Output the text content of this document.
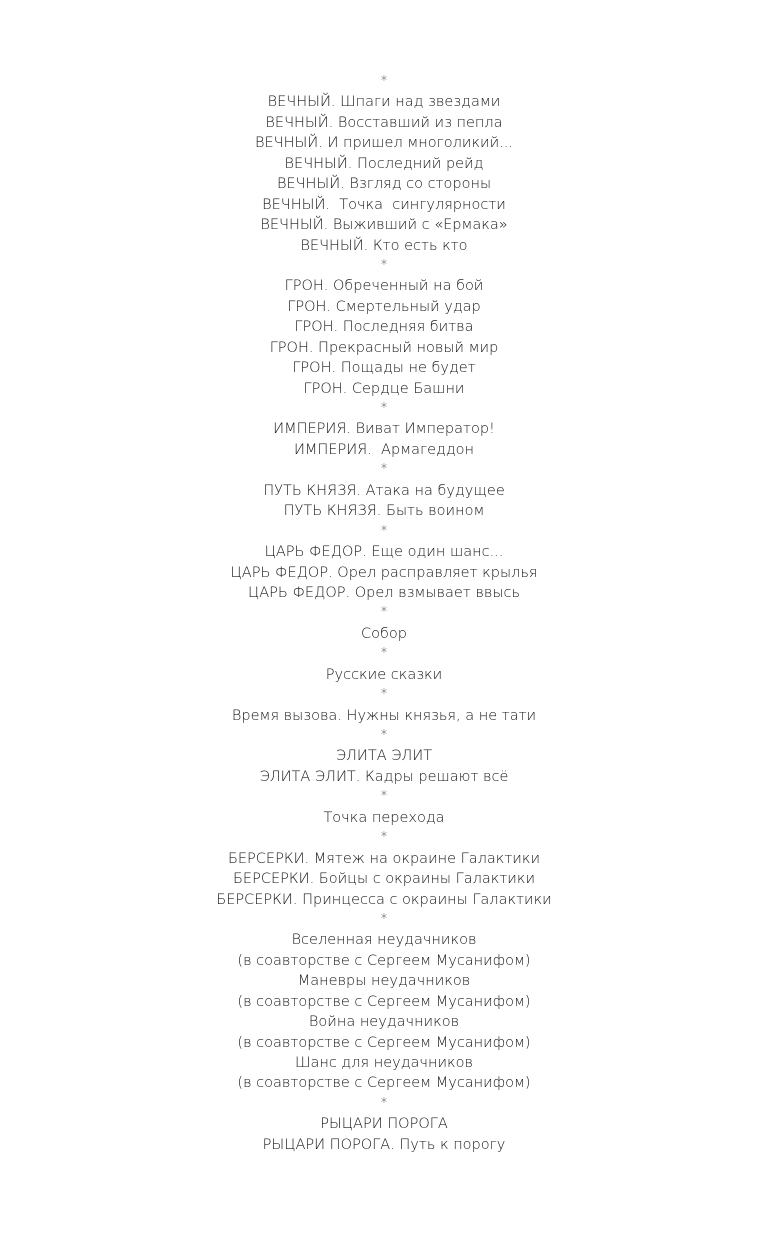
*
ВЕЧНЫЙ. Шпаги над звездами
ВЕЧНЫЙ. Восставший из пепла
ВЕЧНЫЙ. И пришел многоликий...
ВЕЧНЫЙ. Последний рейд
ВЕЧНЫЙ. Взгляд со стороны
ВЕЧНЫЙ.  Точка  сингулярности
ВЕЧНЫЙ. Выживший с «Ермака»
ВЕЧНЫЙ. Кто есть кто
*
ГРОН. Обреченный на бой
ГРОН. Смертельный удар
ГРОН. Последняя битва
ГРОН. Прекрасный новый мир
ГРОН. Пощады не будет
ГРОН. Сердце Башни
*
ИМПЕРИЯ. Виват Император!
ИМПЕРИЯ.  Армагеддон
*
ПУТЬ КНЯЗЯ. Атака на будущее
ПУТЬ КНЯЗЯ. Быть воином
*
ЦАРЬ ФЕДОР. Еще один шанс...
ЦАРЬ ФЕДОР. Орел расправляет крылья
ЦАРЬ ФЕДОР. Орел взмывает ввысь
*
Собор
*
Русские сказки
*
Время вызова. Нужны князья, а не тати
*
ЭЛИТА ЭЛИТ
ЭЛИТА ЭЛИТ. Кадры решают всё
*
Точка перехода
*
БЕРСЕРКИ. Мятеж на окраине Галактики
БЕРСЕРКИ. Бойцы с окраины Галактики
БЕРСЕРКИ. Принцесса с окраины Галактики
*
Вселенная неудачников
(в соавторстве с Сергеем Мусанифом)
Маневры неудачников
(в соавторстве с Сергеем Мусанифом)
Война неудачников
(в соавторстве с Сергеем Мусанифом)
Шанс для неудачников
(в соавторстве с Сергеем Мусанифом)
*
РЫЦАРИ ПОРОГА
РЫЦАРИ ПОРОГА. Путь к порогу
